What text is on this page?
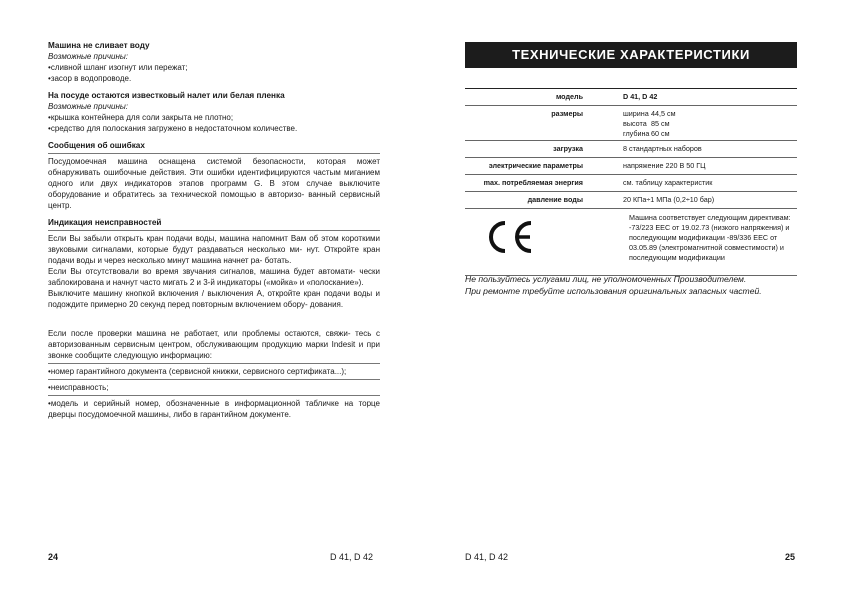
Машина не сливает воду

Возможные причины:

• сливной шланг изогнут или пережат;

• засор в водопроводе.

На посуде остаются известковый налет или белая пленка

Возможные причины:

• крышка контейнера для соли закрыта не плотно;

• средство для полоскания загружено в недостаточном количестве.

Сообщения об ошибках

Посудомоечная машина оснащена системой безопасности, которая может обнаруживать ошибочные действия. Эти ошибки идентифицируются частым миганием одного или двух индикаторов этапов программ G. В этом случае выключите оборудование и обратитесь за технической помощью в авторизо- ванный сервисный центр.

Индикация неисправностей

Если Вы забыли открыть кран подачи воды, машина напомнит Вам об этом короткими звуковыми сигналами, которые будут раздаваться несколько ми- нут. Откройте кран подачи воды и через несколько минут машина начнет ра- ботать.

Если Вы отсутствовали во время звучания сигналов, машина будет автомати- чески заблокирована и начнут часто мигать 2 и 3-й индикаторы («мойка» и «полоскание»).

Выключите машину кнопкой включения / выключения A, откройте кран подачи воды и подождите примерно 20 секунд перед повторным включением обору- дования.

Если после проверки машина не работает, или проблемы остаются, свяжи- тесь с авторизованным сервисным центром, обслуживающим продукцию марки Indesit и при звонке сообщите следующую информацию:

• номер гарантийного документа (сервисной книжки, сервисного сертификата...);

• неисправность;

• модель и серийный номер, обозначенные в информационной табличке на торце дверцы посудомоечной машины, либо в гарантийном документе.

24	D 41, D 42
ТЕХНИЧЕСКИЕ ХАРАКТЕРИСТИКИ
модель	D 41, D 42
размеры	ширина 44,5 см
высота 85 см
глубина 60 см
загрузка	8 стандартных наборов
электрические параметры	напряжение 220 В 50 ГЦ
max. потребляемая энергия	см. таблицу характеристик
давление воды	20 КПа÷1 МПа (0,2÷10 бар)
Машина соответствует следующим директивам: -73/223 ЕЕС от 19.02.73 (низкого напряжения) и последующим модификации -89/336 ЕЕС от 03.05.89 (электромагнитной совместимости) и последующим модификации
Не пользуйтесь услугами лиц, не уполномоченных Производителем.
При ремонте требуйте использования оригинальных запасных частей.
D 41, D 42	25
